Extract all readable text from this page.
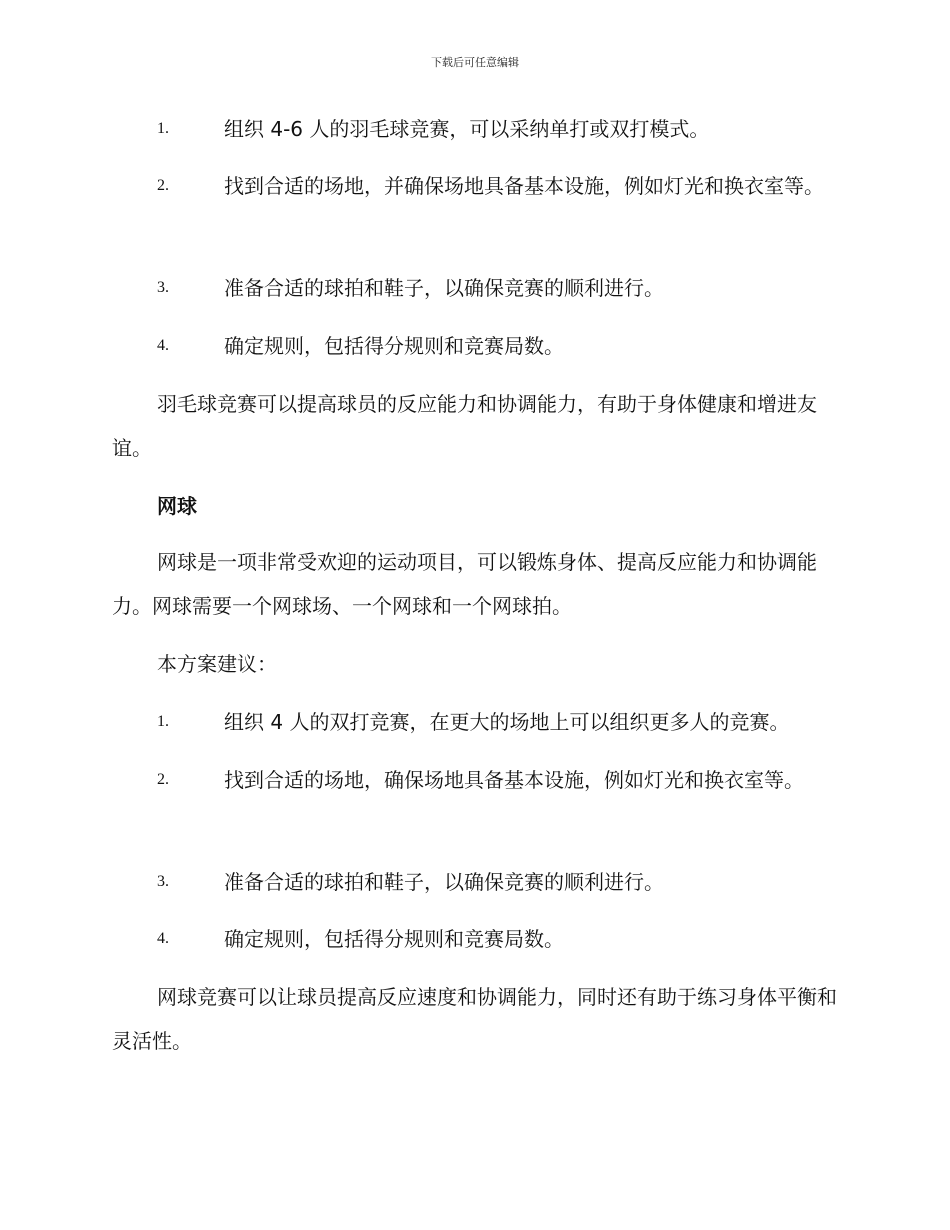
下载后可任意编辑
1.	组织 4-6 人的羽毛球竞赛，可以采纳单打或双打模式。
2.	找到合适的场地，并确保场地具备基本设施，例如灯光和换衣室等。
3.	准备合适的球拍和鞋子，以确保竞赛的顺利进行。
4.	确定规则，包括得分规则和竞赛局数。
羽毛球竞赛可以提高球员的反应能力和协调能力，有助于身体健康和增进友谊。
网球
网球是一项非常受欢迎的运动项目，可以锻炼身体、提高反应能力和协调能力。网球需要一个网球场、一个网球和一个网球拍。
本方案建议：
1.	组织 4 人的双打竞赛，在更大的场地上可以组织更多人的竞赛。
2.	找到合适的场地，确保场地具备基本设施，例如灯光和换衣室等。
3.	准备合适的球拍和鞋子，以确保竞赛的顺利进行。
4.	确定规则，包括得分规则和竞赛局数。
网球竞赛可以让球员提高反应速度和协调能力，同时还有助于练习身体平衡和灵活性。
